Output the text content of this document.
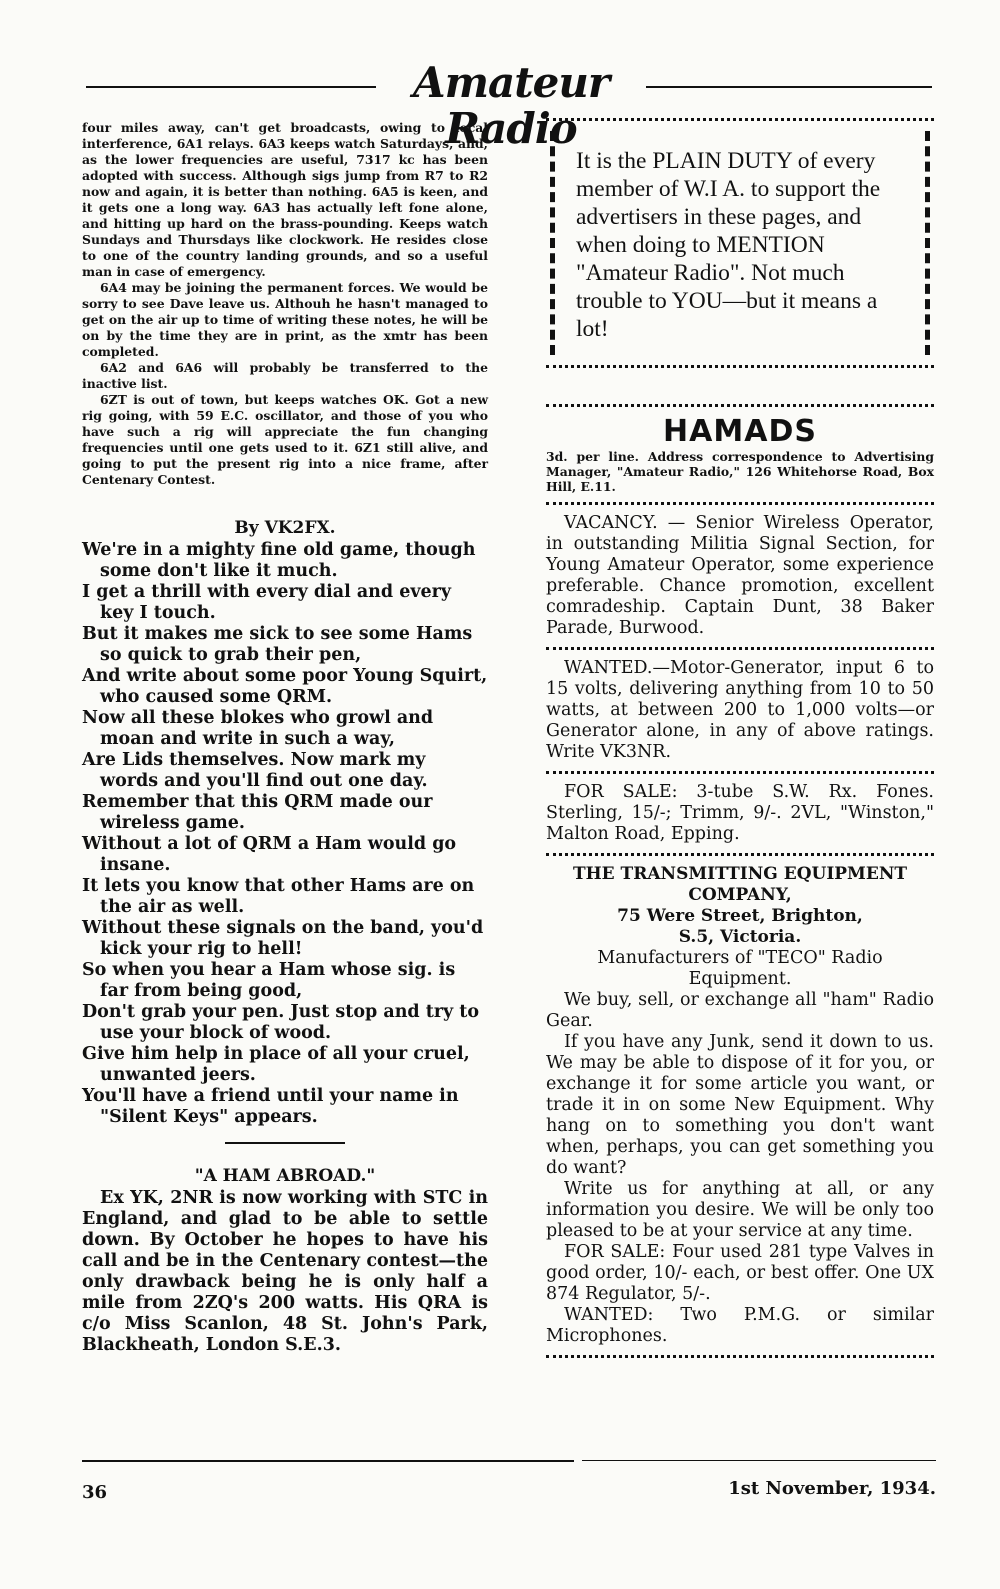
Amateur Radio

four miles away, can't get broadcasts, owing to local interference, 6A1 relays. 6A3 keeps watch Saturdays, and, as the lower frequencies are useful, 7317 kc has been adopted with success. Although sigs jump from R7 to R2 now and again, it is better than nothing. 6A5 is keen, and it gets one a long way. 6A3 has actually left fone alone, and hitting up hard on the brass-pounding. Keeps watch Sundays and Thursdays like clockwork. He resides close to one of the country landing grounds, and so a useful man in case of emergency.

6A4 may be joining the permanent forces. We would be sorry to see Dave leave us. Althouh he hasn't managed to get on the air up to time of writing these notes, he will be on by the time they are in print, as the xmtr has been completed.

6A2 and 6A6 will probably be transferred to the inactive list.

6ZT is out of town, but keeps watches OK. Got a new rig going, with 59 E.C. oscillator, and those of you who have such a rig will appreciate the fun changing frequencies until one gets used to it. 6Z1 still alive, and going to put the present rig into a nice frame, after Centenary Contest.

By VK2FX.
We're in a mighty fine old game, though some don't like it much.
I get a thrill with every dial and every key I touch.
But it makes me sick to see some Hams so quick to grab their pen,
And write about some poor Young Squirt, who caused some QRM.
Now all these blokes who growl and moan and write in such a way,
Are Lids themselves. Now mark my words and you'll find out one day.
Remember that this QRM made our wireless game.
Without a lot of QRM a Ham would go insane.
It lets you know that other Hams are on the air as well.
Without these signals on the band, you'd kick your rig to hell!
So when you hear a Ham whose sig. is far from being good,
Don't grab your pen. Just stop and try to use your block of wood.
Give him help in place of all your cruel, unwanted jeers.
You'll have a friend until your name in "Silent Keys" appears.
"A HAM ABROAD."

Ex YK, 2NR is now working with STC in England, and glad to be able to settle down. By October he hopes to have his call and be in the Centenary contest—the only drawback being he is only half a mile from 2ZQ's 200 watts. His QRA is c/o Miss Scanlon, 48 St. John's Park, Blackheath, London S.E.3.

It is the PLAIN DUTY of every member of W.I A. to support the advertisers in these pages, and when doing to MENTION "Amateur Radio". Not much trouble to YOU—but it means a lot!
HAMADS

3d. per line. Address correspondence to Advertising Manager, "Amateur Radio," 126 Whitehorse Road, Box Hill, E.11.

VACANCY. — Senior Wireless Operator, in outstanding Militia Signal Section, for Young Amateur Operator, some experience preferable. Chance promotion, excellent comradeship. Captain Dunt, 38 Baker Parade, Burwood.

WANTED.—Motor-Generator, input 6 to 15 volts, delivering anything from 10 to 50 watts, at between 200 to 1,000 volts—or Generator alone, in any of above ratings. Write VK3NR.

FOR SALE: 3-tube S.W. Rx. Fones. Sterling, 15/-; Trimm, 9/-. 2VL, "Winston," Malton Road, Epping.

THE TRANSMITTING EQUIPMENT COMPANY,

75 Were Street, Brighton,

S.5, Victoria.

Manufacturers of "TECO" Radio Equipment.

We buy, sell, or exchange all "ham" Radio Gear.

If you have any Junk, send it down to us. We may be able to dispose of it for you, or exchange it for some article you want, or trade it in on some New Equipment. Why hang on to something you don't want when, perhaps, you can get something you do want?

Write us for anything at all, or any information you desire. We will be only too pleased to be at your service at any time.

FOR SALE: Four used 281 type Valves in good order, 10/- each, or best offer. One UX 874 Regulator, 5/-.

WANTED: Two P.M.G. or similar Microphones.

36	1st November, 1934.
